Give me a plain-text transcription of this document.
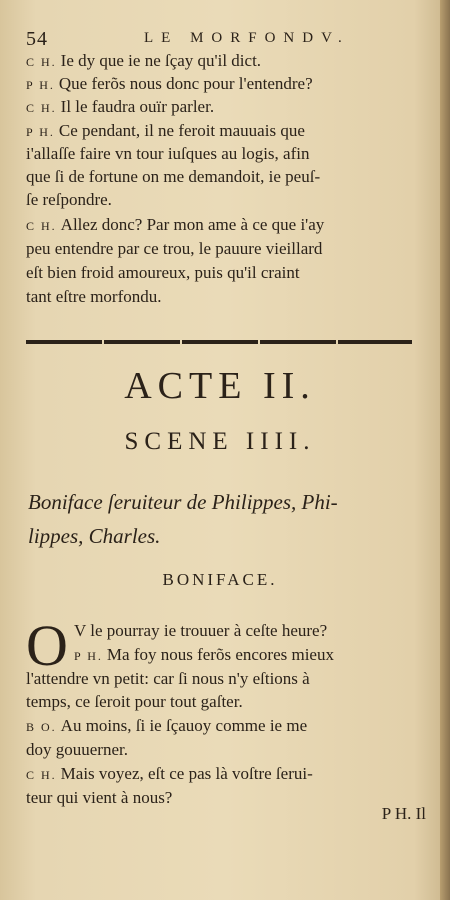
54	LE MORFONDV.
C H. Ie dy que ie ne ſçay qu'il dict.
P H. Que ferõs nous donc pour l'entendre?
C H. Il le faudra ouïr parler.
P H. Ce pendant, il ne feroit mauuais que
i'allaſſe faire vn tour iuſques au logis, afin
que ſi de fortune on me demandoit, ie peuſ-
ſe reſpondre.
C H. Allez donc? Par mon ame à ce que i'ay
peu entendre par ce trou, le pauure vieillard
eſt bien froid amoureux, puis qu'il craint
tant eſtre morfondu.
ACTE II.
SCENE IIII.
Boniface ſeruiteur de Philippes, Phi-
lippes, Charles.
BONIFACE.
O V le pourray ie trouuer à ceſte heure?
P H. Ma foy nous ferõs encores mieux
l'attendre vn petit: car ſi nous n'y eſtions à
temps, ce ſeroit pour tout gaſter.
B O. Au moins, ſi ie ſçauoy comme ie me
doy gouuerner.
C H. Mais voyez, eſt ce pas là voſtre ſerui-
teur qui vient à nous?
P H. Il
